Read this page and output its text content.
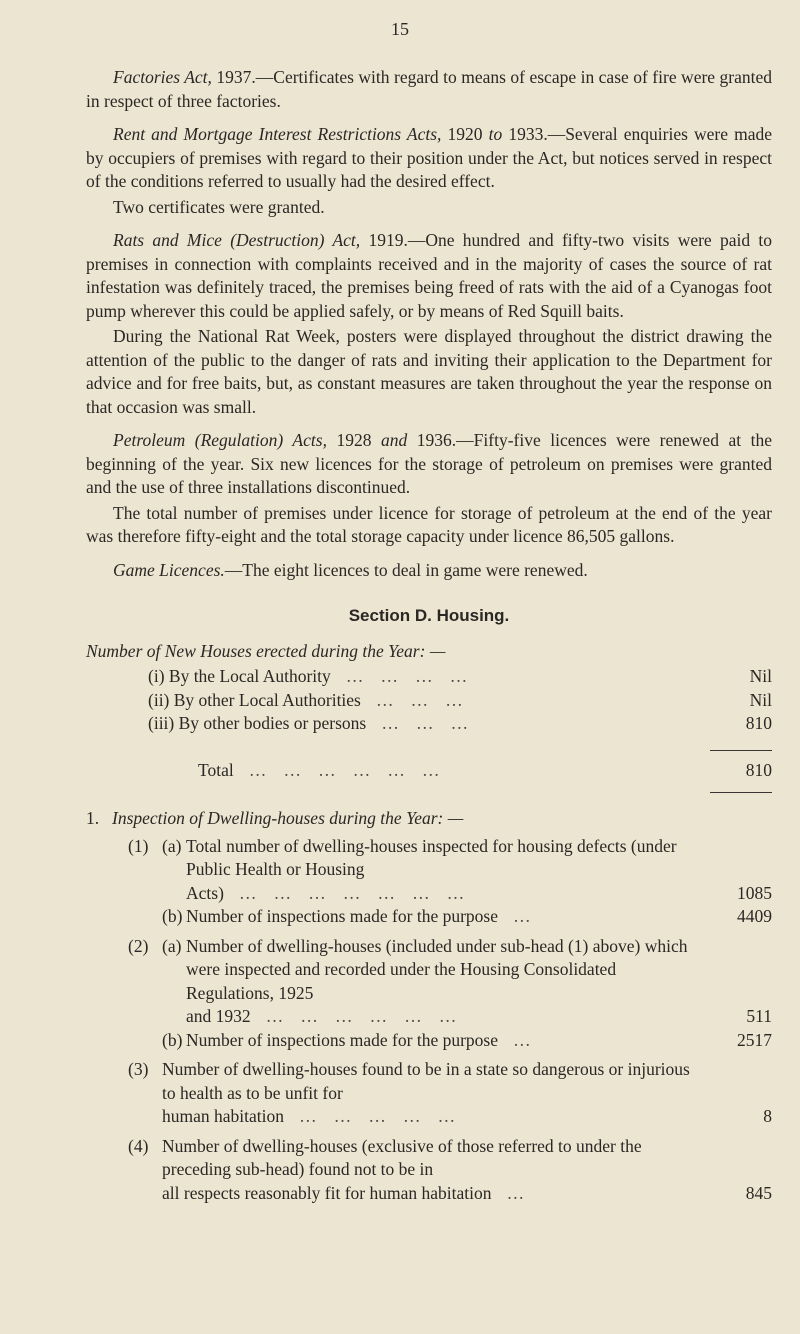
15

Factories Act, 1937.—Certificates with regard to means of escape in case of fire were granted in respect of three factories.

Rent and Mortgage Interest Restrictions Acts, 1920 to 1933.—Several enquiries were made by occupiers of premises with regard to their position under the Act, but notices served in respect of the conditions referred to usually had the desired effect.

Two certificates were granted.

Rats and Mice (Destruction) Act, 1919.—One hundred and fifty-two visits were paid to premises in connection with complaints received and in the majority of cases the source of rat infestation was definitely traced, the premises being freed of rats with the aid of a Cyanogas foot pump wherever this could be applied safely, or by means of Red Squill baits.

During the National Rat Week, posters were displayed throughout the district drawing the attention of the public to the danger of rats and inviting their application to the Department for advice and for free baits, but, as constant measures are taken throughout the year the response on that occasion was small.

Petroleum (Regulation) Acts, 1928 and 1936.—Fifty-five licences were renewed at the beginning of the year. Six new licences for the storage of petroleum on premises were granted and the use of three installations discontinued.

The total number of premises under licence for storage of petroleum at the end of the year was therefore fifty-eight and the total storage capacity under licence 86,505 gallons.

Game Licences.—The eight licences to deal in game were renewed.

Section D. Housing.
Number of New Houses erected during the Year: —
(i) By the Local Authority   …   …   …   …	Nil
(ii) By other Local Authorities   …   …   …	Nil
(iii) By other bodies or persons   …   …   …	810
Total   …   …   …   …   …   …	810
1. Inspection of Dwelling-houses during the Year: —
(1) (a) Total number of dwelling-houses inspected for housing defects (under Public Health or Housing
Acts)   …   …   …   …   …   …   …	1085
(b) Number of inspections made for the purpose   …	4409
(2) (a) Number of dwelling-houses (included under sub-head (1) above) which were inspected and recorded under the Housing Consolidated Regulations, 1925
and 1932   …   …   …   …   …   …	511
(b) Number of inspections made for the purpose   …	2517
(3) Number of dwelling-houses found to be in a state so dangerous or injurious to health as to be unfit for
human habitation   …   …   …   …   …	8
(4) Number of dwelling-houses (exclusive of those referred to under the preceding sub-head) found not to be in
all respects reasonably fit for human habitation   …	845
